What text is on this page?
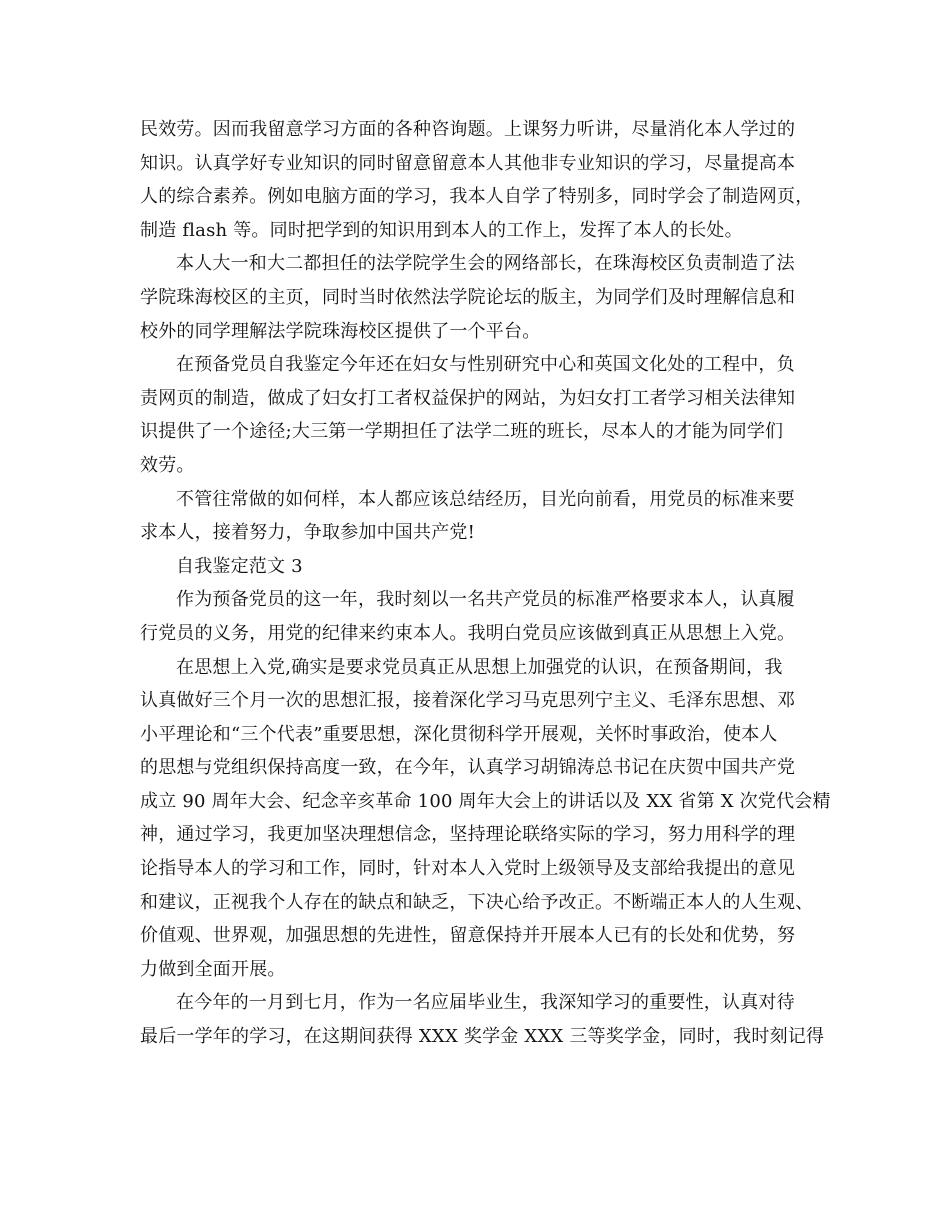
民效劳。因而我留意学习方面的各种咨询题。上课努力听讲，尽量消化本人学过的
知识。认真学好专业知识的同时留意留意本人其他非专业知识的学习，尽量提高本
人的综合素养。例如电脑方面的学习，我本人自学了特别多，同时学会了制造网页，
制造 flash 等。同时把学到的知识用到本人的工作上，发挥了本人的长处。
本人大一和大二都担任的法学院学生会的网络部长，在珠海校区负责制造了法
学院珠海校区的主页，同时当时依然法学院论坛的版主，为同学们及时理解信息和
校外的同学理解法学院珠海校区提供了一个平台。
在预备党员自我鉴定今年还在妇女与性别研究中心和英国文化处的工程中，负
责网页的制造，做成了妇女打工者权益保护的网站，为妇女打工者学习相关法律知
识提供了一个途径;大三第一学期担任了法学二班的班长，尽本人的才能为同学们
效劳。
不管往常做的如何样，本人都应该总结经历，目光向前看，用党员的标准来要
求本人，接着努力，争取参加中国共产党!
自我鉴定范文 3
作为预备党员的这一年，我时刻以一名共产党员的标准严格要求本人，认真履
行党员的义务，用党的纪律来约束本人。我明白党员应该做到真正从思想上入党。
在思想上入党,确实是要求党员真正从思想上加强党的认识，在预备期间，我
认真做好三个月一次的思想汇报，接着深化学习马克思列宁主义、毛泽东思想、邓
小平理论和“三个代表”重要思想，深化贯彻科学开展观，关怀时事政治，使本人
的思想与党组织保持高度一致，在今年，认真学习胡锦涛总书记在庆贺中国共产党
成立 90 周年大会、纪念辛亥革命 100 周年大会上的讲话以及 XX 省第 X 次党代会精
神，通过学习，我更加坚决理想信念，坚持理论联络实际的学习，努力用科学的理
论指导本人的学习和工作，同时，针对本人入党时上级领导及支部给我提出的意见
和建议，正视我个人存在的缺点和缺乏，下决心给予改正。不断端正本人的人生观、
价值观、世界观，加强思想的先进性，留意保持并开展本人已有的长处和优势，努
力做到全面开展。
在今年的一月到七月，作为一名应届毕业生，我深知学习的重要性，认真对待
最后一学年的学习，在这期间获得 XXX 奖学金 XXX 三等奖学金，同时，我时刻记得
